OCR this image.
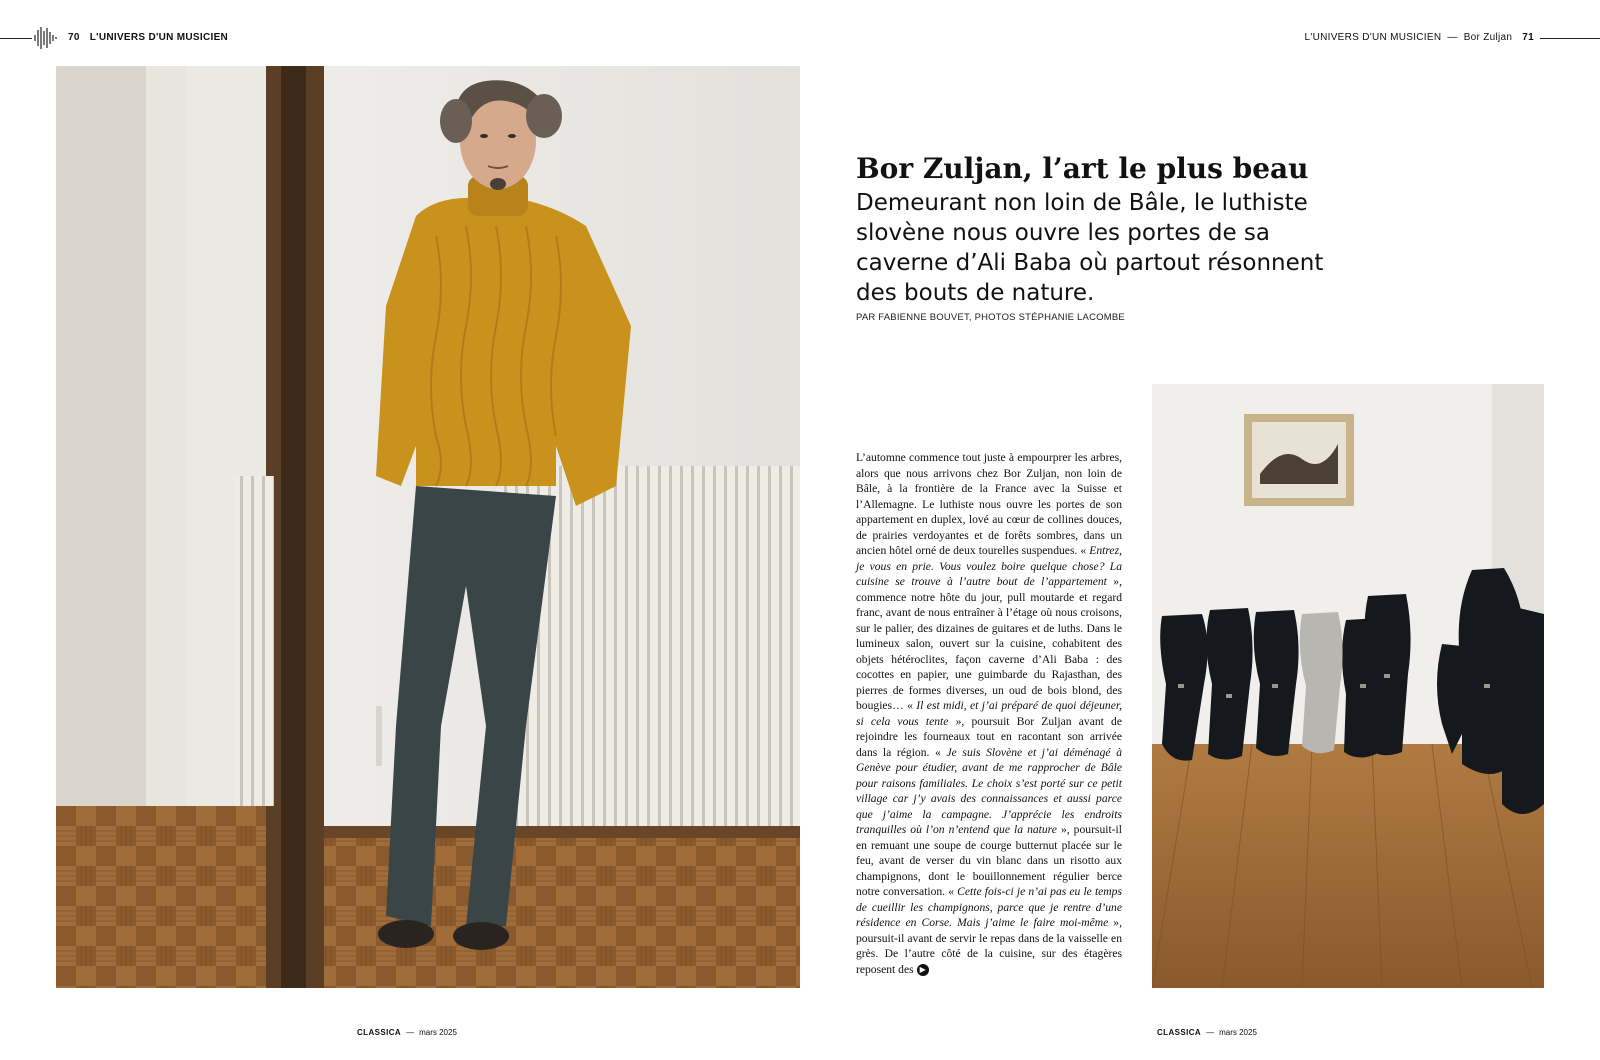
70 L'UNIVERS D'UN MUSICIEN	L'UNIVERS D'UN MUSICIEN — Bor Zuljan 71
Bor Zuljan, l’art le plus beau
Demeurant non loin de Bâle, le luthiste slovène nous ouvre les portes de sa caverne d’Ali Baba où partout résonnent des bouts de nature.
PAR FABIENNE BOUVET, PHOTOS STÉPHANIE LACOMBE
L’automne commence tout juste à empourprer les arbres, alors que nous arrivons chez Bor Zuljan, non loin de Bâle, à la frontière de la France avec la Suisse et l’Allemagne. Le luthiste nous ouvre les portes de son appartement en duplex, lové au cœur de collines douces, de prairies verdoyantes et de forêts sombres, dans un ancien hôtel orné de deux tourelles suspendues. « Entrez, je vous en prie. Vous voulez boire quelque chose? La cuisine se trouve à l’autre bout de l’appartement », commence notre hôte du jour, pull moutarde et regard franc, avant de nous entraîner à l’étage où nous croisons, sur le palier, des dizaines de guitares et de luths. Dans le lumineux salon, ouvert sur la cuisine, cohabitent des objets hétéroclites, façon caverne d’Ali Baba : des cocottes en papier, une guimbarde du Rajasthan, des pierres de formes diverses, un oud de bois blond, des bougies… « Il est midi, et j’ai préparé de quoi déjeuner, si cela vous tente », poursuit Bor Zuljan avant de rejoindre les fourneaux tout en racontant son arrivée dans la région. « Je suis Slovène et j’ai déménagé à Genève pour étudier, avant de me rapprocher de Bâle pour raisons familiales. Le choix s’est porté sur ce petit village car j’y avais des connaissances et aussi parce que j’aime la campagne. J’apprécie les endroits tranquilles où l’on n’entend que la nature », poursuit-il en remuant une soupe de courge butternut placée sur le feu, avant de verser du vin blanc dans un risotto aux champignons, dont le bouillonnement régulier berce notre conversation. « Cette fois-ci je n’ai pas eu le temps de cueillir les champignons, parce que je rentre d’une résidence en Corse. Mais j’aime le faire moi-même », poursuit-il avant de servir le repas dans de la vaisselle en grès. De l’autre côté de la cuisine, sur des étagères reposent des ▶
CLASSICA — mars 2025	CLASSICA — mars 2025
